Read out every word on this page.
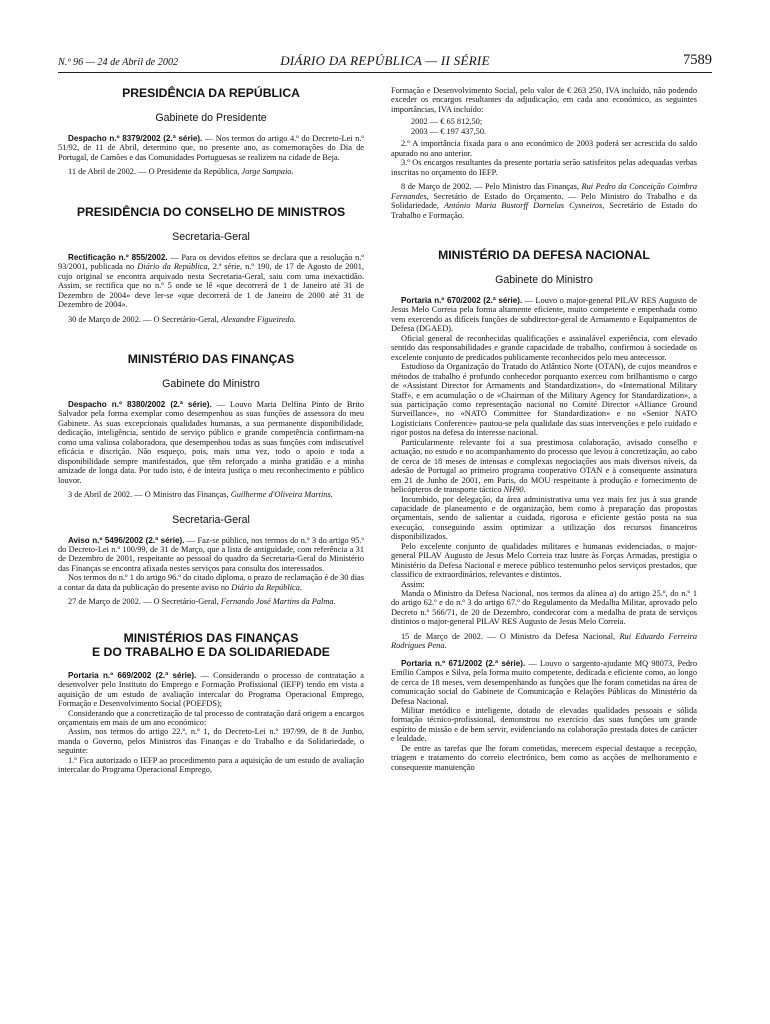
N.º 96 — 24 de Abril de 2002	DIÁRIO DA REPÚBLICA — II SÉRIE	7589
PRESIDÊNCIA DA REPÚBLICA
Gabinete do Presidente

Despacho n.º 8379/2002 (2.ª série). — Nos termos do artigo 4.º do Decreto-Lei n.º 51/92, de 11 de Abril, determino que, no presente ano, as comemorações do Dia de Portugal, de Camões e das Comunidades Portuguesas se realizem na cidade de Beja.

11 de Abril de 2002. — O Presidente da República, Jorge Sampaio.

PRESIDÊNCIA DO CONSELHO DE MINISTROS
Secretaria-Geral

Rectificação n.º 855/2002. — Para os devidos efeitos se declara que a resolução n.º 93/2001, publicada no Diário da República, 2.ª série, n.º 190, de 17 de Agosto de 2001, cujo original se encontra arquivado nesta Secretaria-Geral, saiu com uma inexactidão. Assim, se rectifica que no n.º 5 onde se lê «que decorrerá de 1 de Janeiro até 31 de Dezembro de 2004» deve ler-se «que decorrerá de 1 de Janeiro de 2000 até 31 de Dezembro de 2004».

30 de Março de 2002. — O Secretário-Geral, Alexandre Figueiredo.

MINISTÉRIO DAS FINANÇAS
Gabinete do Ministro

Despacho n.º 8380/2002 (2.ª série). — Louvo Maria Delfina Pinto de Brito Salvador pela forma exemplar como desempenhou as suas funções de assessora do meu Gabinete. As suas excepcionais qualidades humanas, a sua permanente disponibilidade, dedicação, inteligência, sentido de serviço público e grande competência confirmam-na como uma valiosa colaboradora, que desempenhou todas as suas funções com indiscutível eficácia e discrição. Não esqueço, pois, mais uma vez, todo o apoio e toda a disponibilidade sempre manifestados, que têm reforçado a minha gratidão e a minha amizade de longa data. Por tudo isto, é de inteira justiça o meu reconhecimento e público louvor.

3 de Abril de 2002. — O Ministro das Finanças, Guilherme d'Oliveira Martins.

Secretaria-Geral

Aviso n.º 5496/2002 (2.ª série). — Faz-se público, nos termos do n.º 3 do artigo 95.º do Decreto-Lei n.º 100/99, de 31 de Março, que a lista de antiguidade, com referência a 31 de Dezembro de 2001, respeitante ao pessoal do quadro da Secretaria-Geral do Ministério das Finanças se encontra afixada nestes serviços para consulta dos interessados.

Nos termos do n.º 1 do artigo 96.º do citado diploma, o prazo de reclamação é de 30 dias a contar da data da publicação do presente aviso no Diário da República.

27 de Março de 2002. — O Secretário-Geral, Fernando José Martins da Palma.

MINISTÉRIOS DAS FINANÇAS
E DO TRABALHO E DA SOLIDARIEDADE

Portaria n.º 669/2002 (2.ª série). — Considerando o processo de contratação a desenvolver pelo Instituto do Emprego e Formação Profissional (IEFP) tendo em vista a aquisição de um estudo de avaliação intercalar do Programa Operacional Emprego, Formação e Desenvolvimento Social (POEFDS);

Considerando que a concretização de tal processo de contratação dará origem a encargos orçamentais em mais de um ano económico:

Assim, nos termos do artigo 22.º, n.º 1, do Decreto-Lei n.º 197/99, de 8 de Junho, manda o Governo, pelos Ministros das Finanças e do Trabalho e da Solidariedade, o seguinte:

1.º Fica autorizado o IEFP ao procedimento para a aquisição de um estudo de avaliação intercalar do Programa Operacional Emprego,

Formação e Desenvolvimento Social, pelo valor de € 263 250, IVA incluído, não podendo exceder os encargos resultantes da adjudicação, em cada ano económico, as seguintes importâncias, IVA incluído:

2002 — € 65 812,50;
2003 — € 197 437,50.

2.º A importância fixada para o ano económico de 2003 poderá ser acrescida do saldo apurado no ano anterior.

3.º Os encargos resultantes da presente portaria serão satisfeitos pelas adequadas verbas inscritas no orçamento do IEFP.

8 de Março de 2002. — Pelo Ministro das Finanças, Rui Pedro da Conceição Coimbra Fernandes, Secretário de Estado do Orçamento. — Pelo Ministro do Trabalho e da Solidariedade, António Maria Bustorff Dornelas Cysneiros, Secretário de Estado do Trabalho e Formação.

MINISTÉRIO DA DEFESA NACIONAL
Gabinete do Ministro

Portaria n.º 670/2002 (2.ª série). — Louvo o major-general PILAV RES Augusto de Jesus Melo Correia pela forma altamente eficiente, muito competente e empenhada como vem exercendo as difíceis funções de subdirector-geral de Armamento e Equipamentos de Defesa (DGAED).

Oficial general de reconhecidas qualificações e assinalável experiência, com elevado sentido das responsabilidades e grande capacidade de trabalho, confirmou à sociedade os excelente conjunto de predicados publicamente reconhecidos pelo meu antecessor.

Estudioso da Organização do Tratado do Atlântico Norte (OTAN), de cujos meandros e métodos de trabalho é profundo conhecedor porquanto exerceu com brilhantismo o cargo de «Assistant Director for Armaments and Standardization», do «International Military Staff», e em acumulação o de «Chairman of the Military Agency for Standardization», a sua participação como representação nacional no Comité Director «Alliance Ground Surveillance», no «NATO Committee for Standardization» e no «Senior NATO Logisticians Conference» pautou-se pela qualidade das suas intervenções e pelo cuidado e rigor postos na defesa do interesse nacional.

Particularmente relevante foi a sua prestimosa colaboração, avisado conselho e actuação, no estudo e no acompanhamento do processo que levou à concretização, ao cabo de cerca de 18 meses de intensas e complexas negociações aos mais diversos níveis, da adesão de Portugal ao primeiro programa cooperativo OTAN e à consequente assinatura em 21 de Junho de 2001, em Paris, do MOU respeitante à produção e fornecimento de helicópteros de transporte táctico NH90.

Incumbido, por delegação, da área administrativa uma vez mais fez jus à sua grande capacidade de planeamento e de organização, bem como à preparação das propostas orçamentais, sendo de salientar a cuidada, rigorosa e eficiente gestão posta na sua execução, conseguindo assim optimizar a utilização dos recursos financeiros disponibilizados.

Pelo excelente conjunto de qualidades militares e humanas evidenciadas, o major-general PILAV Augusto de Jesus Melo Correia traz lustre às Forças Armadas, prestigia o Ministério da Defesa Nacional e merece público testemunho pelos serviços prestados, que classifico de extraordinários, relevantes e distintos.

Assim:

Manda o Ministro da Defesa Nacional, nos termos da alínea a) do artigo 25.º, do n.º 1 do artigo 62.º e do n.º 3 do artigo 67.º do Regulamento da Medalha Militar, aprovado pelo Decreto n.º 566/71, de 20 de Dezembro, condecorar com a medalha de prata de serviços distintos o major-general PILAV RES Augusto de Jesus Melo Correia.

15 de Março de 2002. — O Ministro da Defesa Nacional, Rui Eduardo Ferreira Rodrigues Pena.

Portaria n.º 671/2002 (2.ª série). — Louvo o sargento-ajudante MQ 98073, Pedro Emílio Campos e Silva, pela forma muito competente, dedicada e eficiente como, ao longo de cerca de 18 meses, vem desempenhando as funções que lhe foram cometidas na área de comunicação social do Gabinete de Comunicação e Relações Públicas do Ministério da Defesa Nacional.

Militar metódico e inteligente, dotado de elevadas qualidades pessoais e sólida formação técnico-profissional, demonstrou no exercício das suas funções um grande espírito de missão e de bem servir, evidenciando na colaboração prestada dotes de carácter e lealdade.

De entre as tarefas que lhe foram cometidas, merecem especial destaque a recepção, triagem e tratamento do correio electrónico, bem como as acções de melhoramento e consequente manutenção
